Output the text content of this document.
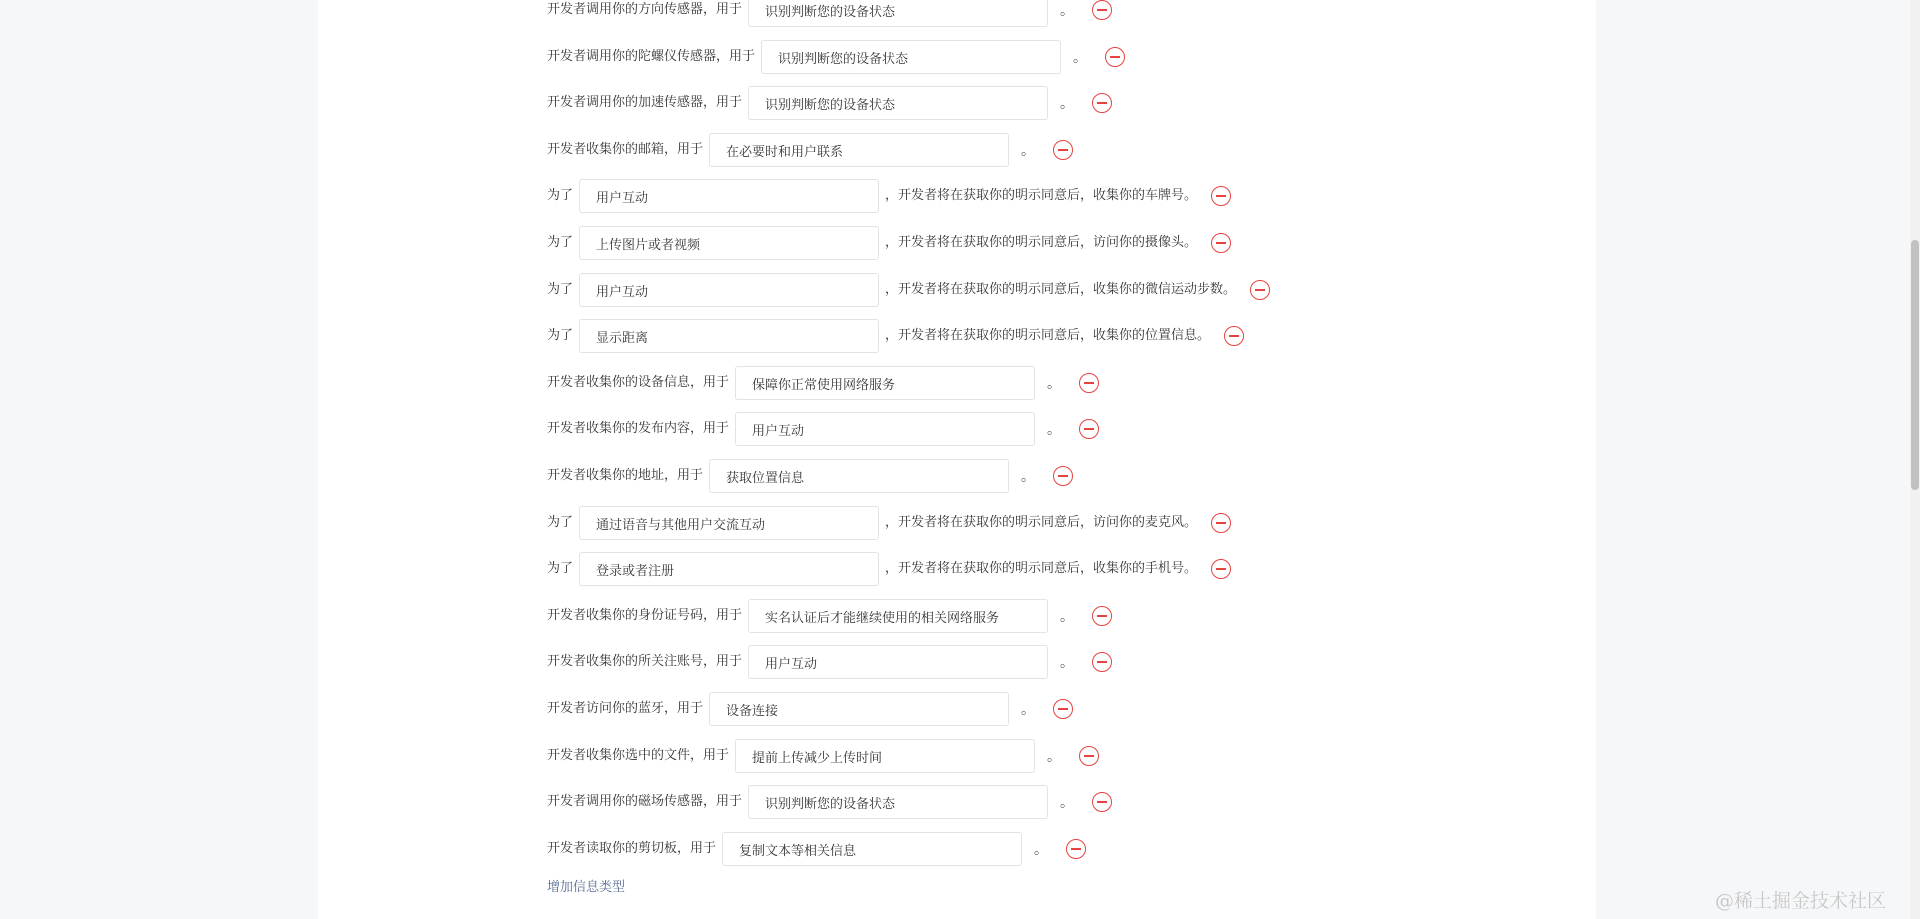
开发者调用你的方向传感器，用于
识别判断您的设备状态	。
开发者调用你的陀螺仪传感器，用于
识别判断您的设备状态	。
开发者调用你的加速传感器，用于
识别判断您的设备状态	。
开发者收集你的邮箱，用于
在必要时和用户联系	。
为了
用户互动	，开发者将在获取你的明示同意后，收集你的车牌号。
为了
上传图片或者视频	，开发者将在获取你的明示同意后，访问你的摄像头。
为了
用户互动	，开发者将在获取你的明示同意后，收集你的微信运动步数。
为了
显示距离	，开发者将在获取你的明示同意后，收集你的位置信息。
开发者收集你的设备信息，用于
保障你正常使用网络服务	。
开发者收集你的发布内容，用于
用户互动	。
开发者收集你的地址，用于
获取位置信息	。
为了
通过语音与其他用户交流互动	，开发者将在获取你的明示同意后，访问你的麦克风。
为了
登录或者注册	，开发者将在获取你的明示同意后，收集你的手机号。
开发者收集你的身份证号码，用于
实名认证后才能继续使用的相关网络服务	。
开发者收集你的所关注账号，用于
用户互动	。
开发者访问你的蓝牙，用于
设备连接	。
开发者收集你选中的文件，用于
提前上传减少上传时间	。
开发者调用你的磁场传感器，用于
识别判断您的设备状态	。
开发者读取你的剪切板，用于
复制文本等相关信息	。
增加信息类型
@稀土掘金技术社区
